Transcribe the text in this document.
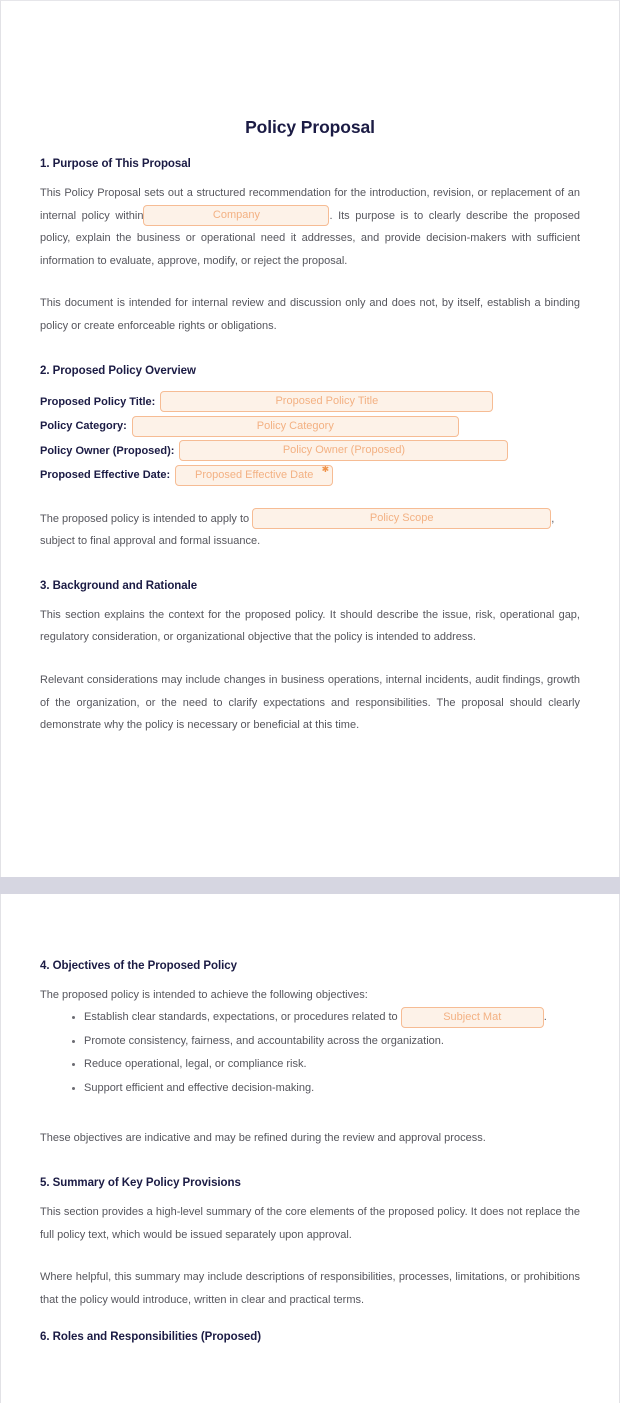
Policy Proposal
1. Purpose of This Proposal

This Policy Proposal sets out a structured recommendation for the introduction, revision, or replacement of an internal policy within	Company	. Its purpose is to clearly describe the proposed policy, explain the business or operational need it addresses, and provide decision-makers with sufficient information to evaluate, approve, modify, or reject the proposal.

This document is intended for internal review and discussion only and does not, by itself, establish a binding policy or create enforceable rights or obligations.

2. Proposed Policy Overview
Proposed Policy Title:	Proposed Policy Title
Policy Category:	Policy Category
Policy Owner (Proposed):	Policy Owner (Proposed)
Proposed Effective Date:	Proposed Effective Date ✱

The proposed policy is intended to apply to	Policy Scope	, subject to final approval and formal issuance.

3. Background and Rationale

This section explains the context for the proposed policy. It should describe the issue, risk, operational gap, regulatory consideration, or organizational objective that the policy is intended to address.

Relevant considerations may include changes in business operations, internal incidents, audit findings, growth of the organization, or the need to clarify expectations and responsibilities. The proposal should clearly demonstrate why the policy is necessary or beneficial at this time.

4. Objectives of the Proposed Policy

The proposed policy is intended to achieve the following objectives:

Establish clear standards, expectations, or procedures related to	Subject Mat	.
Promote consistency, fairness, and accountability across the organization.
Reduce operational, legal, or compliance risk.
Support efficient and effective decision-making.

These objectives are indicative and may be refined during the review and approval process.

5. Summary of Key Policy Provisions

This section provides a high-level summary of the core elements of the proposed policy. It does not replace the full policy text, which would be issued separately upon approval.

Where helpful, this summary may include descriptions of responsibilities, processes, limitations, or prohibitions that the policy would introduce, written in clear and practical terms.

6. Roles and Responsibilities (Proposed)
